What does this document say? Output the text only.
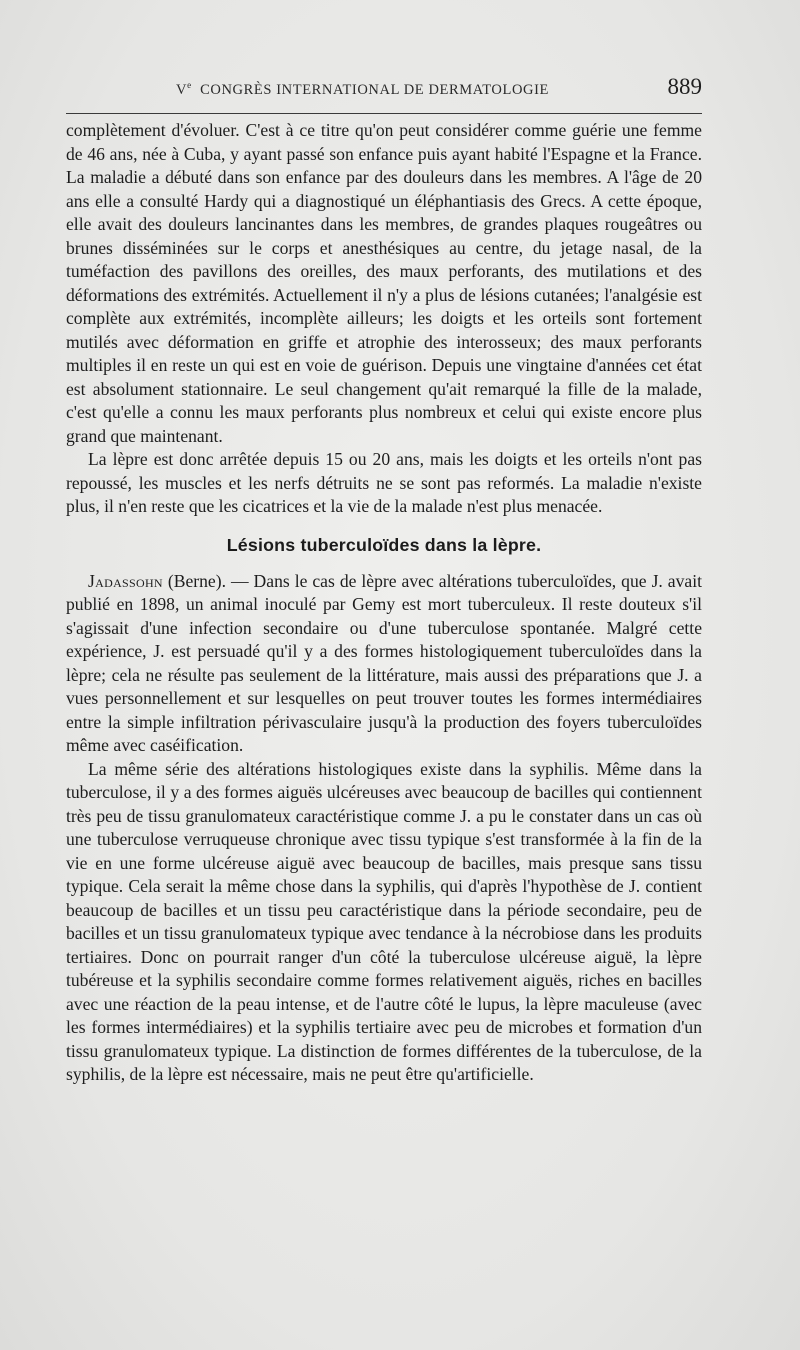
Ve CONGRÈS INTERNATIONAL DE DERMATOLOGIE	889

complètement d'évoluer. C'est à ce titre qu'on peut considérer comme guérie une femme de 46 ans, née à Cuba, y ayant passé son enfance puis ayant habité l'Espagne et la France. La maladie a débuté dans son enfance par des douleurs dans les membres. A l'âge de 20 ans elle a consulté Hardy qui a diagnostiqué un éléphantiasis des Grecs. A cette époque, elle avait des douleurs lancinantes dans les membres, de grandes plaques rougeâtres ou brunes disséminées sur le corps et anesthésiques au centre, du jetage nasal, de la tuméfaction des pavillons des oreilles, des maux perforants, des mutilations et des déformations des extrémités. Actuellement il n'y a plus de lésions cutanées; l'analgésie est complète aux extrémités, incomplète ailleurs; les doigts et les orteils sont fortement mutilés avec déformation en griffe et atrophie des interosseux; des maux perforants multiples il en reste un qui est en voie de guérison. Depuis une vingtaine d'années cet état est absolument stationnaire. Le seul changement qu'ait remarqué la fille de la malade, c'est qu'elle a connu les maux perforants plus nombreux et celui qui existe encore plus grand que maintenant.

La lèpre est donc arrêtée depuis 15 ou 20 ans, mais les doigts et les orteils n'ont pas repoussé, les muscles et les nerfs détruits ne se sont pas reformés. La maladie n'existe plus, il n'en reste que les cicatrices et la vie de la malade n'est plus menacée.

Lésions tuberculoïdes dans la lèpre.

Jadassohn (Berne). — Dans le cas de lèpre avec altérations tuberculoïdes, que J. avait publié en 1898, un animal inoculé par Gemy est mort tuberculeux. Il reste douteux s'il s'agissait d'une infection secondaire ou d'une tuberculose spontanée. Malgré cette expérience, J. est persuadé qu'il y a des formes histologiquement tuberculoïdes dans la lèpre; cela ne résulte pas seulement de la littérature, mais aussi des préparations que J. a vues personnellement et sur lesquelles on peut trouver toutes les formes intermédiaires entre la simple infiltration périvasculaire jusqu'à la production des foyers tuberculoïdes même avec caséification.

La même série des altérations histologiques existe dans la syphilis. Même dans la tuberculose, il y a des formes aiguës ulcéreuses avec beaucoup de bacilles qui contiennent très peu de tissu granulomateux caractéristique comme J. a pu le constater dans un cas où une tuberculose verruqueuse chronique avec tissu typique s'est transformée à la fin de la vie en une forme ulcéreuse aiguë avec beaucoup de bacilles, mais presque sans tissu typique. Cela serait la même chose dans la syphilis, qui d'après l'hypothèse de J. contient beaucoup de bacilles et un tissu peu caractéristique dans la période secondaire, peu de bacilles et un tissu granulomateux typique avec tendance à la nécrobiose dans les produits tertiaires. Donc on pourrait ranger d'un côté la tuberculose ulcéreuse aiguë, la lèpre tubéreuse et la syphilis secondaire comme formes relativement aiguës, riches en bacilles avec une réaction de la peau intense, et de l'autre côté le lupus, la lèpre maculeuse (avec les formes intermédiaires) et la syphilis tertiaire avec peu de microbes et formation d'un tissu granulomateux typique. La distinction de formes différentes de la tuberculose, de la syphilis, de la lèpre est nécessaire, mais ne peut être qu'artificielle.
